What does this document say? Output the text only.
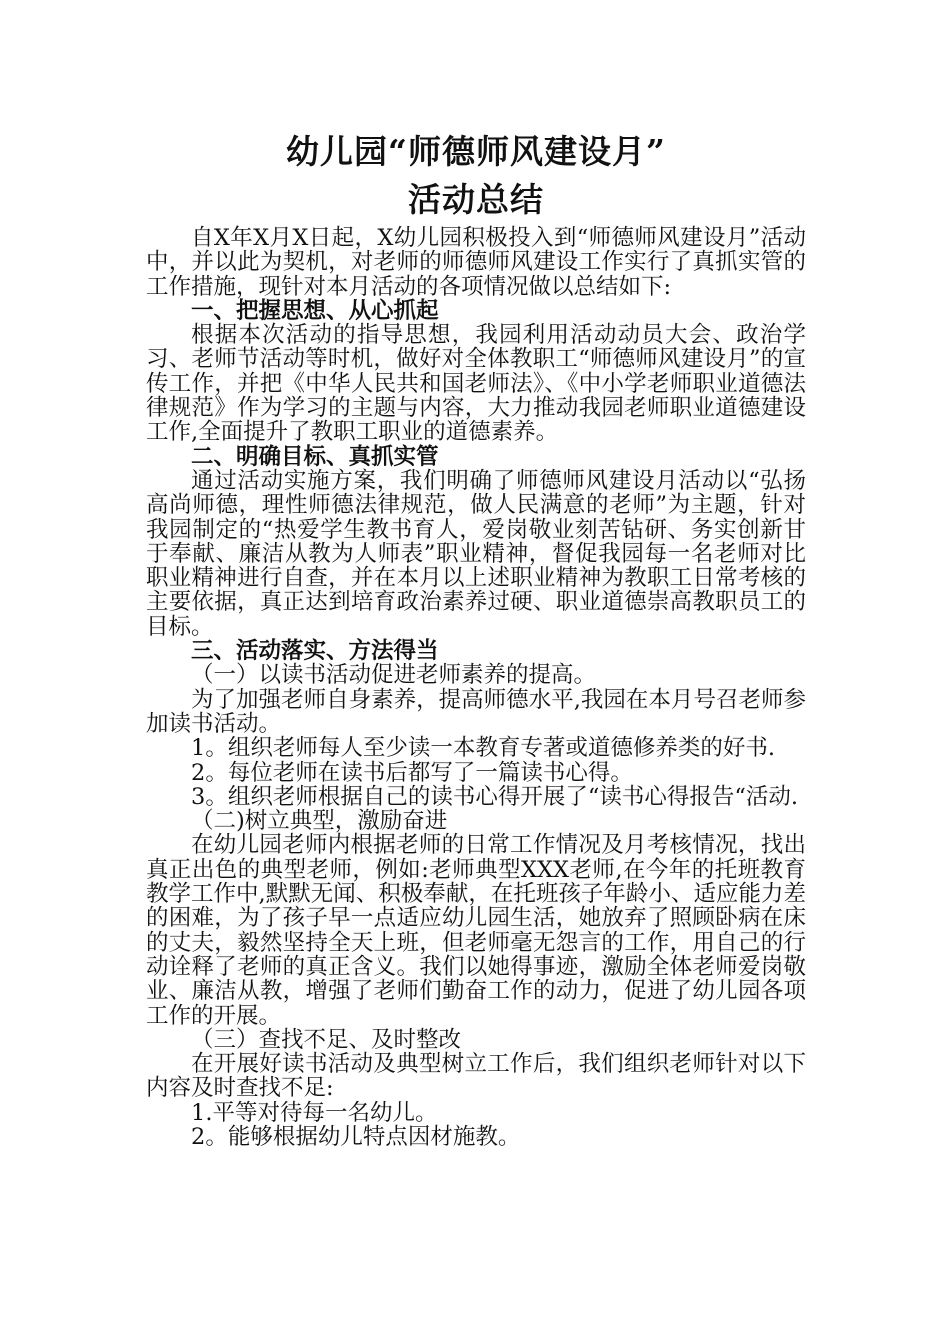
幼儿园“师德师风建设月”
活动总结
自X年X月X日起，X幼儿园积极投入到“师德师风建设月”活动中，并以此为契机，对老师的师德师风建设工作实行了真抓实管的工作措施，现针对本月活动的各项情况做以总结如下:
一、把握思想、从心抓起
根据本次活动的指导思想，我园利用活动动员大会、政治学习、老师节活动等时机，做好对全体教职工“师德师风建设月”的宣传工作，并把《中华人民共和国老师法》、《中小学老师职业道德法律规范》作为学习的主题与内容，大力推动我园老师职业道德建设工作,全面提升了教职工职业的道德素养。
二、明确目标、真抓实管
通过活动实施方案，我们明确了师德师风建设月活动以“弘扬高尚师德，理性师德法律规范，做人民满意的老师”为主题，针对我园制定的“热爱学生教书育人，爱岗敬业刻苦钻研、务实创新甘于奉献、廉洁从教为人师表”职业精神，督促我园每一名老师对比职业精神进行自查，并在本月以上述职业精神为教职工日常考核的主要依据，真正达到培育政治素养过硬、职业道德崇高教职员工的目标。
三、活动落实、方法得当
（一）以读书活动促进老师素养的提高。
为了加强老师自身素养，提高师德水平,我园在本月号召老师参加读书活动。
1。组织老师每人至少读一本教育专著或道德修养类的好书.
2。每位老师在读书后都写了一篇读书心得。
3。组织老师根据自己的读书心得开展了“读书心得报告“活动.
（二)树立典型，激励奋进
在幼儿园老师内根据老师的日常工作情况及月考核情况，找出真正出色的典型老师，例如:老师典型XXX老师,在今年的托班教育教学工作中,默默无闻、积极奉献，在托班孩子年龄小、适应能力差的困难，为了孩子早一点适应幼儿园生活，她放弃了照顾卧病在床的丈夫，毅然坚持全天上班，但老师毫无怨言的工作，用自己的行动诠释了老师的真正含义。我们以她得事迹，激励全体老师爱岗敬业、廉洁从教，增强了老师们勤奋工作的动力，促进了幼儿园各项工作的开展。
（三）查找不足、及时整改
在开展好读书活动及典型树立工作后，我们组织老师针对以下内容及时查找不足:
1.平等对待每一名幼儿。
2。能够根据幼儿特点因材施教。
